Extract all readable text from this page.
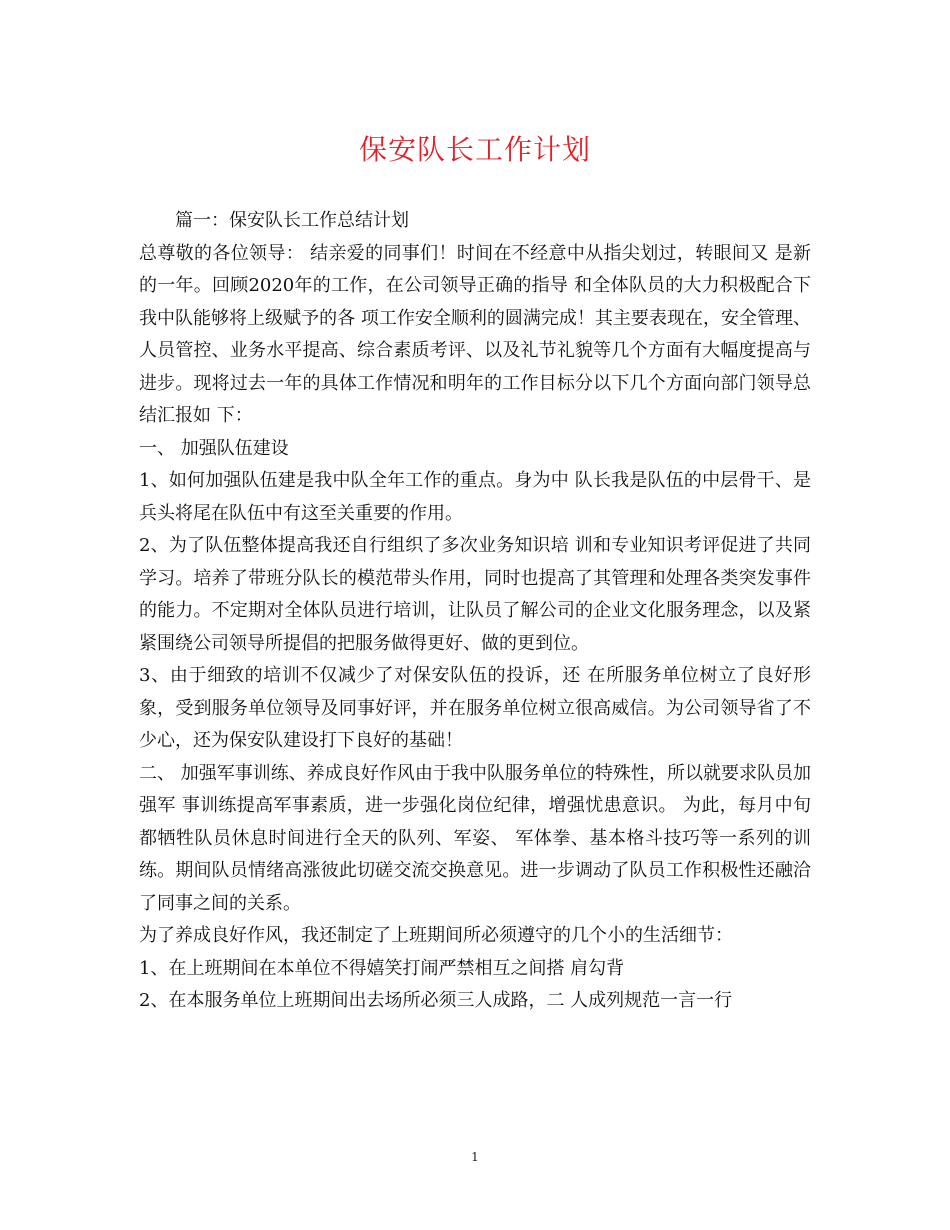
保安队长工作计划

篇一：保安队长工作总结计划

总尊敬的各位领导： 结亲爱的同事们！时间在不经意中从指尖划过，转眼间又 是新的一年。回顾2020年的工作，在公司领导正确的指导 和全体队员的大力积极配合下我中队能够将上级赋予的各 项工作安全顺利的圆满完成！其主要表现在，安全管理、人员管控、业务水平提高、综合素质考评、以及礼节礼貌等几个方面有大幅度提高与进步。现将过去一年的具体工作情况和明年的工作目标分以下几个方面向部门领导总结汇报如 下：

一、 加强队伍建设

1、如何加强队伍建是我中队全年工作的重点。身为中 队长我是队伍的中层骨干、是兵头将尾在队伍中有这至关重要的作用。

2、为了队伍整体提高我还自行组织了多次业务知识培 训和专业知识考评促进了共同学习。培养了带班分队长的模范带头作用，同时也提高了其管理和处理各类突发事件的能力。不定期对全体队员进行培训，让队员了解公司的企业文化服务理念，以及紧紧围绕公司领导所提倡的把服务做得更好、做的更到位。

3、由于细致的培训不仅减少了对保安队伍的投诉，还 在所服务单位树立了良好形象，受到服务单位领导及同事好评，并在服务单位树立很高威信。为公司领导省了不少心，还为保安队建设打下良好的基础！

二、 加强军事训练、养成良好作风由于我中队服务单位的特殊性，所以就要求队员加强军 事训练提高军事素质，进一步强化岗位纪律，增强忧患意识。 为此，每月中旬都牺牲队员休息时间进行全天的队列、军姿、 军体拳、基本格斗技巧等一系列的训练。期间队员情绪高涨彼此切磋交流交换意见。进一步调动了队员工作积极性还融洽了同事之间的关系。

为了养成良好作风，我还制定了上班期间所必须遵守的几个小的生活细节：

1、在上班期间在本单位不得嬉笑打闹严禁相互之间搭 肩勾背

2、在本服务单位上班期间出去场所必须三人成路，二 人成列规范一言一行

1
